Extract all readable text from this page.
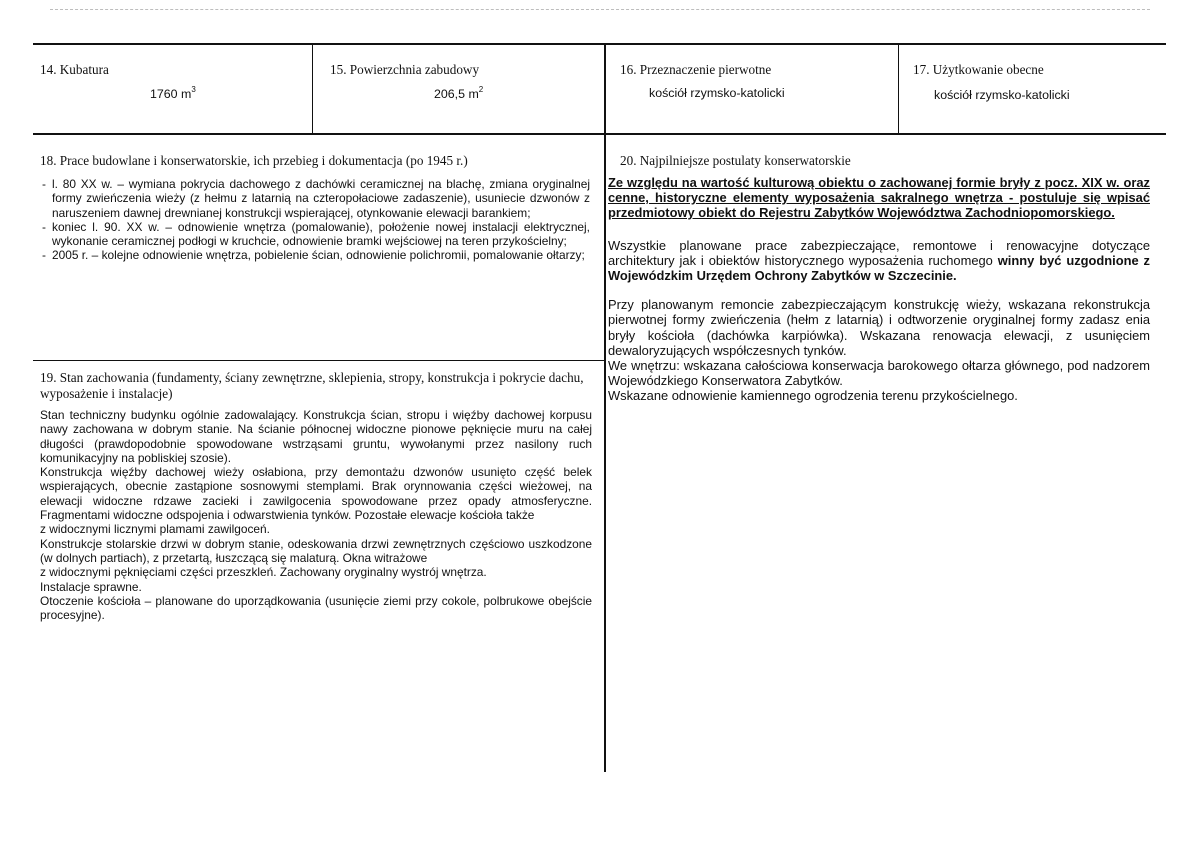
14. Kubatura
1760 $m^3$
15. Powierzchnia zabudowy
206,5 $m^2$
16. Przeznaczenie pierwotne
kościół rzymsko-katolicki
17. Użytkowanie obecne
kościół rzymsko-katolicki
18. Prace budowlane i konserwatorskie, ich przebieg i dokumentacja (po 1945 r.)
- l. 80 XX w. – wymiana pokrycia dachowego z dachówki ceramicznej na blachę, zmiana oryginalnej formy zwieńczenia wieży (z hełmu z latarnią na czteropołaciowe zadaszenie), usuniecie dzwonów z naruszeniem dawnej drewnianej konstrukcji wspierającej, otynkowanie elewacji barankiem;
- koniec l. 90. XX w. – odnowienie wnętrza (pomalowanie), położenie nowej instalacji elektrycznej, wykonanie ceramicznej podłogi w kruchcie, odnowienie bramki wejściowej na teren przykościelny;
- 2005 r. – kolejne odnowienie wnętrza, pobielenie ścian, odnowienie polichromii, pomalowanie ołtarzy;
19. Stan zachowania (fundamenty, ściany zewnętrzne, sklepienia, stropy, konstrukcja i pokrycie dachu, wyposażenie i instalacje)

Stan techniczny budynku ogólnie zadowalający. Konstrukcja ścian, stropu i więźby dachowej korpusu nawy zachowana w dobrym stanie. Na ścianie północnej widoczne pionowe pęknięcie muru na całej długości (prawdopodobnie spowodowane wstrząsami gruntu, wywołanymi przez nasilony ruch komunikacyjny na pobliskiej szosie).

Konstrukcja więźby dachowej wieży osłabiona, przy demontażu dzwonów usunięto część belek wspierających, obecnie zastąpione sosnowymi stemplami. Brak orynnowania części wieżowej, na elewacji widoczne rdzawe zacieki i zawilgocenia spowodowane przez opady atmosferyczne. Fragmentami widoczne odspojenia i odwarstwienia tynków. Pozostałe elewacje kościoła także

z widocznymi licznymi plamami zawilgoceń.

Konstrukcje stolarskie drzwi w dobrym stanie, odeskowania drzwi zewnętrznych częściowo uszkodzone (w dolnych partiach), z przetartą, łuszczącą się malaturą. Okna witrażowe

z widocznymi pęknięciami części przeszkleń. Zachowany oryginalny wystrój wnętrza.

Instalacje sprawne.

Otoczenie kościoła – planowane do uporządkowania (usunięcie ziemi przy cokole, polbrukowe obejście procesyjne).

20. Najpilniejsze postulaty konserwatorskie

Ze względu na wartość kulturową obiektu o zachowanej formie bryły z pocz. XIX w. oraz cenne, historyczne elementy wyposażenia sakralnego wnętrza - postuluje się wpisać przedmiotowy obiekt do Rejestru Zabytków Województwa Zachodniopomorskiego.

Wszystkie planowane prace zabezpieczające, remontowe i renowacyjne dotyczące architektury jak i obiektów historycznego wyposażenia ruchomego winny być uzgodnione z Wojewódzkim Urzędem Ochrony Zabytków w Szczecinie.

Przy planowanym remoncie zabezpieczającym konstrukcję wieży, wskazana rekonstrukcja pierwotnej formy zwieńczenia (hełm z latarnią) i odtworzenie oryginalnej formy zadasz enia bryły kościoła (dachówka karpiówka). Wskazana renowacja elewacji, z usunięciem dewaloryzujących współczesnych tynków.

We wnętrzu: wskazana całościowa konserwacja barokowego ołtarza głównego, pod nadzorem Wojewódzkiego Konserwatora Zabytków.

Wskazane odnowienie kamiennego ogrodzenia terenu przykościelnego.
